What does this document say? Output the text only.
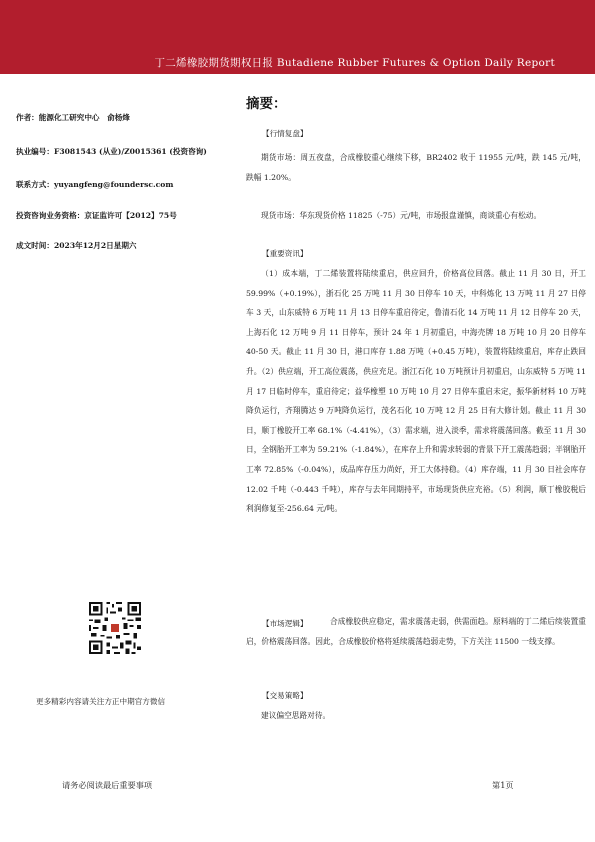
丁二烯橡胶期货期权日报 Butadiene Rubber Futures & Option Daily Report
作者：能源化工研究中心　俞杨烽
执业编号：F3081543 (从业)/Z0015361 (投资咨询)
联系方式：yuyangfeng@foundersc.com
投资咨询业务资格：京证监许可【2012】75号
成文时间：2023年12月2日星期六
更多精彩内容请关注方正中期官方微信
摘要：
【行情复盘】
期货市场：周五夜盘，合成橡胶重心继续下移，BR2402 收于 11955 元/吨，跌 145 元/吨，跌幅 1.20%。
现货市场：华东现货价格 11825（-75）元/吨，市场报盘谨慎，商谈重心有松动。
【重要资讯】
（1）成本端，丁二烯装置将陆续重启，供应回升，价格高位回落。截止 11 月 30 日，开工 59.99%（+0.19%），浙石化 25 万吨 11 月 30 日停车 10 天，中科炼化 13 万吨 11 月 27 日停车 3 天，山东威特 6 万吨 11 月 13 日停车重启待定，鲁清石化 14 万吨 11 月 12 日停车 20 天，上海石化 12 万吨 9 月 11 日停车，预计 24 年 1 月初重启，中海壳牌 18 万吨 10 月 20 日停车 40-50 天。截止 11 月 30 日，港口库存 1.88 万吨（+0.45 万吨），装置将陆续重启，库存止跌回升。（2）供应端，开工高位震荡，供应充足。浙江石化 10 万吨预计月初重启，山东威特 5 万吨 11 月 17 日临时停车，重启待定；益华橡塑 10 万吨 10 月 27 日停车重启未定，振华新材料 10 万吨降负运行，齐翔腾达 9 万吨降负运行，茂名石化 10 万吨 12 月 25 日有大修计划。截止 11 月 30 日，顺丁橡胶开工率 68.1%（-4.41%），（3）需求端，进入淡季，需求将震荡回落。截至 11 月 30 日，全钢胎开工率为 59.21%（-1.84%），在库存上升和需求转弱的背景下开工震荡趋弱；半钢胎开工率 72.85%（-0.04%），成品库存压力尚好，开工大体持稳。（4）库存端，11 月 30 日社会库存 12.02 千吨（-0.443 千吨），库存与去年同期持平，市场现货供应充裕。（5）利润，顺丁橡胶税后利润修复至-256.64 元/吨。
【市场逻辑】	合成橡胶供应稳定，需求震荡走弱，供需面趋。原料端的丁二烯后续装置重启，价格震荡回落。因此，合成橡胶价格将延续震荡趋弱走势，下方关注 11500 一线支撑。
【交易策略】
建议偏空思路对待。
请务必阅读最后重要事项	第1页
